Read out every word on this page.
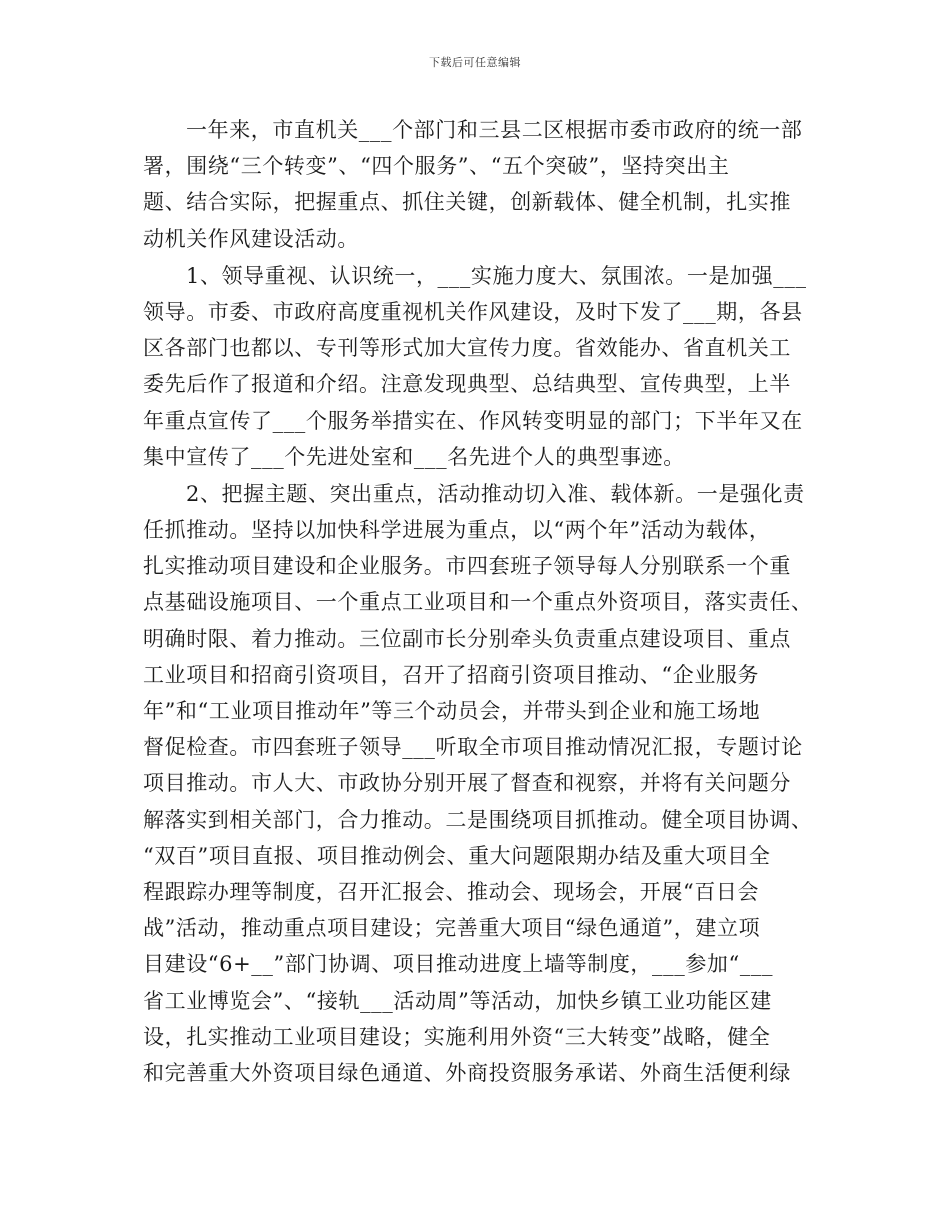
下载后可任意编辑
一年来，市直机关___个部门和三县二区根据市委市政府的统一部
署，围绕“三个转变”、“四个服务”、“五个突破”，坚持突出主
题、结合实际，把握重点、抓住关键，创新载体、健全机制，扎实推
动机关作风建设活动。
1、领导重视、认识统一，___实施力度大、氛围浓。一是加强___
领导。市委、市政府高度重视机关作风建设，及时下发了___期，各县
区各部门也都以、专刊等形式加大宣传力度。省效能办、省直机关工
委先后作了报道和介绍。注意发现典型、总结典型、宣传典型，上半
年重点宣传了___个服务举措实在、作风转变明显的部门；下半年又在
集中宣传了___个先进处室和___名先进个人的典型事迹。
2、把握主题、突出重点，活动推动切入准、载体新。一是强化责
任抓推动。坚持以加快科学进展为重点，以“两个年”活动为载体，
扎实推动项目建设和企业服务。市四套班子领导每人分别联系一个重
点基础设施项目、一个重点工业项目和一个重点外资项目，落实责任、
明确时限、着力推动。三位副市长分别牵头负责重点建设项目、重点
工业项目和招商引资项目，召开了招商引资项目推动、“企业服务
年”和“工业项目推动年”等三个动员会，并带头到企业和施工场地
督促检查。市四套班子领导___听取全市项目推动情况汇报，专题讨论
项目推动。市人大、市政协分别开展了督查和视察，并将有关问题分
解落实到相关部门，合力推动。二是围绕项目抓推动。健全项目协调、
“双百”项目直报、项目推动例会、重大问题限期办结及重大项目全
程跟踪办理等制度，召开汇报会、推动会、现场会，开展“百日会
战”活动，推动重点项目建设；完善重大项目“绿色通道”，建立项
目建设“6+__”部门协调、项目推动进度上墙等制度，___参加“___
省工业博览会”、“接轨___活动周”等活动，加快乡镇工业功能区建
设，扎实推动工业项目建设；实施利用外资“三大转变”战略，健全
和完善重大外资项目绿色通道、外商投资服务承诺、外商生活便利绿
